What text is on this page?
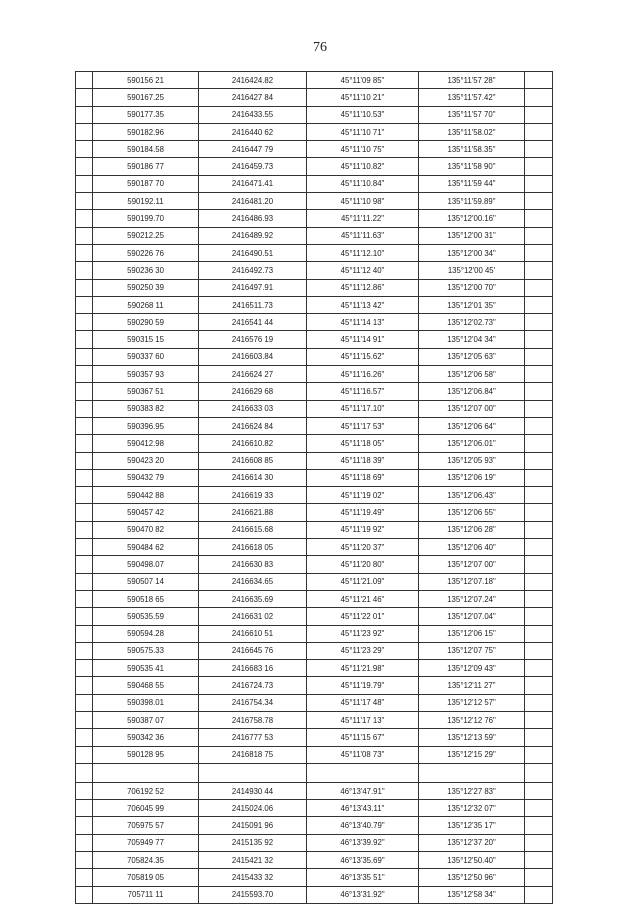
76
	590156 21	2416424.82	45°11'09 85"	135°11'57 28"	
	590167.25	2416427 84	45°11'10 21"	135°11'57.42"	
	590177.35	2416433.55	45°11'10.53"	135°11'57 70"	
	590182.96	2416440 62	45°11'10 71"	135°11'58.02"	
	590184.58	2416447 79	45°11'10 75"	135°11'58.35"	
	590186 77	2416459.73	45°11'10.82"	135°11'58 90"	
	590187 70	2416471.41	45°11'10.84"	135°11'59 44"	
	590192.11	2416481.20	45°11'10 98"	135°11'59.89"	
	590199.70	2416486.93	45°11'11.22"	135°12'00.16"	
	590212.25	2416489.92	45°11'11.63"	135°12'00 31"	
	590226 76	2416490.51	45°11'12.10"	135°12'00 34"	
	590236 30	2416492.73	45°11'12 40"	135°12'00 45'	
	590250 39	2416497.91	45°11'12.86"	135°12'00 70"	
	590268 11	2416511.73	45°11'13 42"	135°12'01 35"	
	590290 59	2416541 44	45°11'14 13"	135°12'02.73"	
	590315 15	2416576 19	45°11'14 91"	135°12'04 34"	
	590337 60	2416603.84	45°11'15.62"	135°12'05 63"	
	590357 93	2416624 27	45°11'16.26"	135°12'06 58"	
	590367 51	2416629 68	45°11'16.57"	135°12'06.84"	
	590383 82	2416633 03	45°11'17.10"	135°12'07 00"	
	590396.95	2416624 84	45°11'17 53"	135°12'06 64"	
	590412.98	2416610.82	45°11'18 05"	135°12'06.01"	
	590423 20	2416608 85	45°11'18 39"	135°12'05 93"	
	590432 79	2416614 30	45°11'18 69"	135°12'06 19"	
	590442 88	2416619 33	45°11'19 02"	135°12'06.43"	
	590457 42	2416621.88	45°11'19.49"	135°12'06 55"	
	590470 82	2416615.68	45°11'19 92"	135°12'06 28"	
	590484 62	2416618 05	45°11'20 37"	135°12'06 40"	
	590498.07	2416630 83	45°11'20 80"	135°12'07 00"	
	590507 14	2416634.65	45°11'21.09"	135°12'07.18"	
	590518 65	2416635.69	45°11'21 46"	135°12'07.24"	
	590535.59	2416631 02	45°11'22 01"	135°12'07.04"	
	590594.28	2416610 51	45°11'23 92"	135°12'06 15"	
	590575.33	2416645 76	45°11'23 29"	135°12'07 75"	
	590535 41	2416683 16	45°11'21.98"	135°12'09 43"	
	590468 55	2416724.73	45°11'19.79"	135°12'11 27"	
	590398.01	2416754.34	45°11'17 48"	135°12'12 57"	
	590387 07	2416758.78	45°11'17 13"	135°12'12 76"	
	590342 36	2416777 53	45°11'15 67"	135°12'13 59"	
	590128 95	2416818 75	45°11'08 73"	135°12'15 29"	

	706192 52	2414930 44	46°13'47.91"	135°12'27 83"	
	706045 99	2415024.06	46°13'43.11"	135°12'32 07"	
	705975 57	2415091 96	46°13'40.79"	135°12'35 17"	
	705949 77	2415135 92	46°13'39.92"	135°12'37 20"	
	705824.35	2415421 32	46°13'35.69"	135°12'50.40"	
	705819 05	2415433 32	46°13'35 51"	135°12'50 96"	
	705711 11	2415593.70	46°13'31.92"	135°12'58 34"	
